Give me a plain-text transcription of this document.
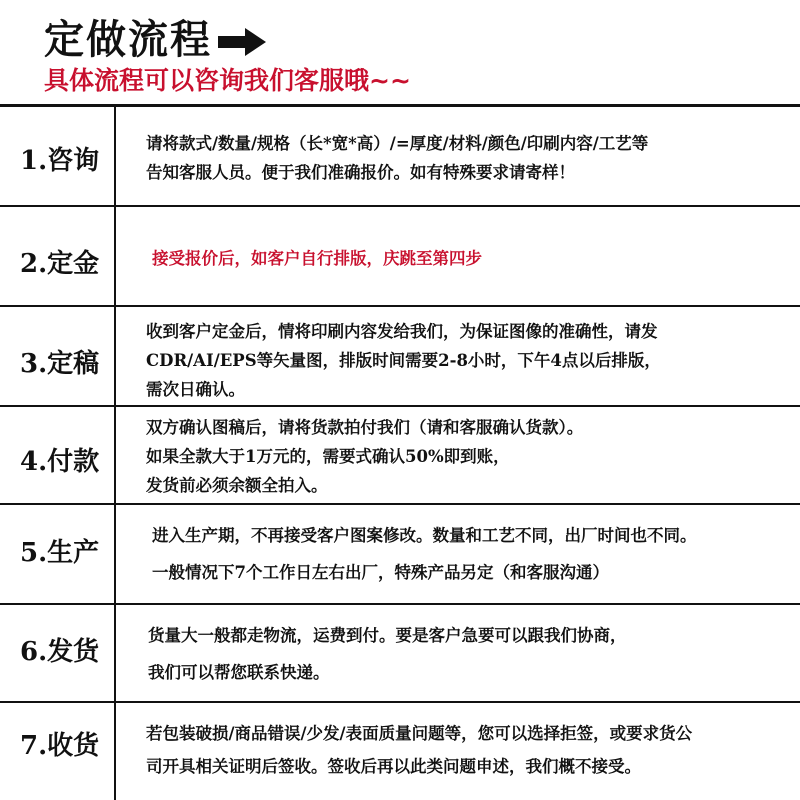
定做流程
具体流程可以咨询我们客服哦~~
1.咨询
请将款式/数量/规格（长*宽*高）/=厚度/材料/颜色/印刷内容/工艺等
告知客服人员。便于我们准确报价。如有特殊要求请寄样！
2.定金	接受报价后，如客户自行排版，庆跳至第四步
3.定稿
收到客户定金后，情将印刷内容发给我们，为保证图像的准确性，请发
CDR/AI/EPS等矢量图，排版时间需要2-8小时，下午4点以后排版，
需次日确认。
4.付款
双方确认图稿后，请将货款拍付我们（请和客服确认货款）。
如果全款大于1万元的，需要式确认50%即到账，
发货前必须余额全拍入。
5.生产
进入生产期，不再接受客户图案修改。数量和工艺不同，出厂时间也不同。
一般情况下7个工作日左右出厂，特殊产品另定（和客服沟通）
6.发货
货量大一般都走物流，运费到付。要是客户急要可以跟我们协商，
我们可以帮您联系快递。
7.收货	若包装破损/商品错误/少发/表面质量问题等，您可以选择拒签，或要求货公
司开具相关证明后签收。签收后再以此类问题申述，我们概不接受。
